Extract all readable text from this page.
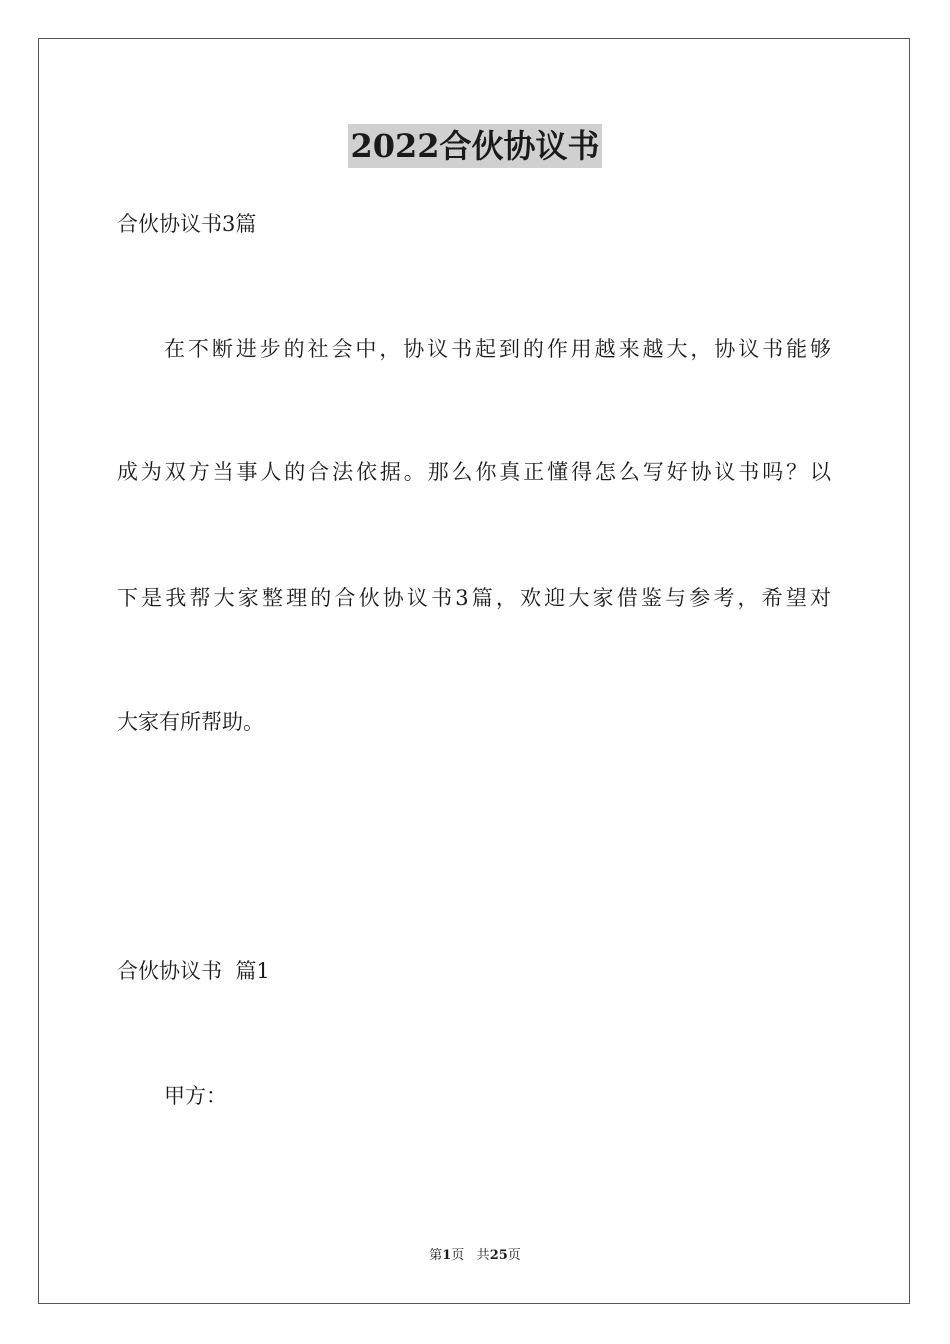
2022合伙协议书
合伙协议书3篇
在不断进步的社会中，协议书起到的作用越来越大，协议书能够
成为双方当事人的合法依据。那么你真正懂得怎么写好协议书吗？以
下是我帮大家整理的合伙协议书3篇，欢迎大家借鉴与参考，希望对
大家有所帮助。
合伙协议书  篇1
甲方：
第1页 共25页
